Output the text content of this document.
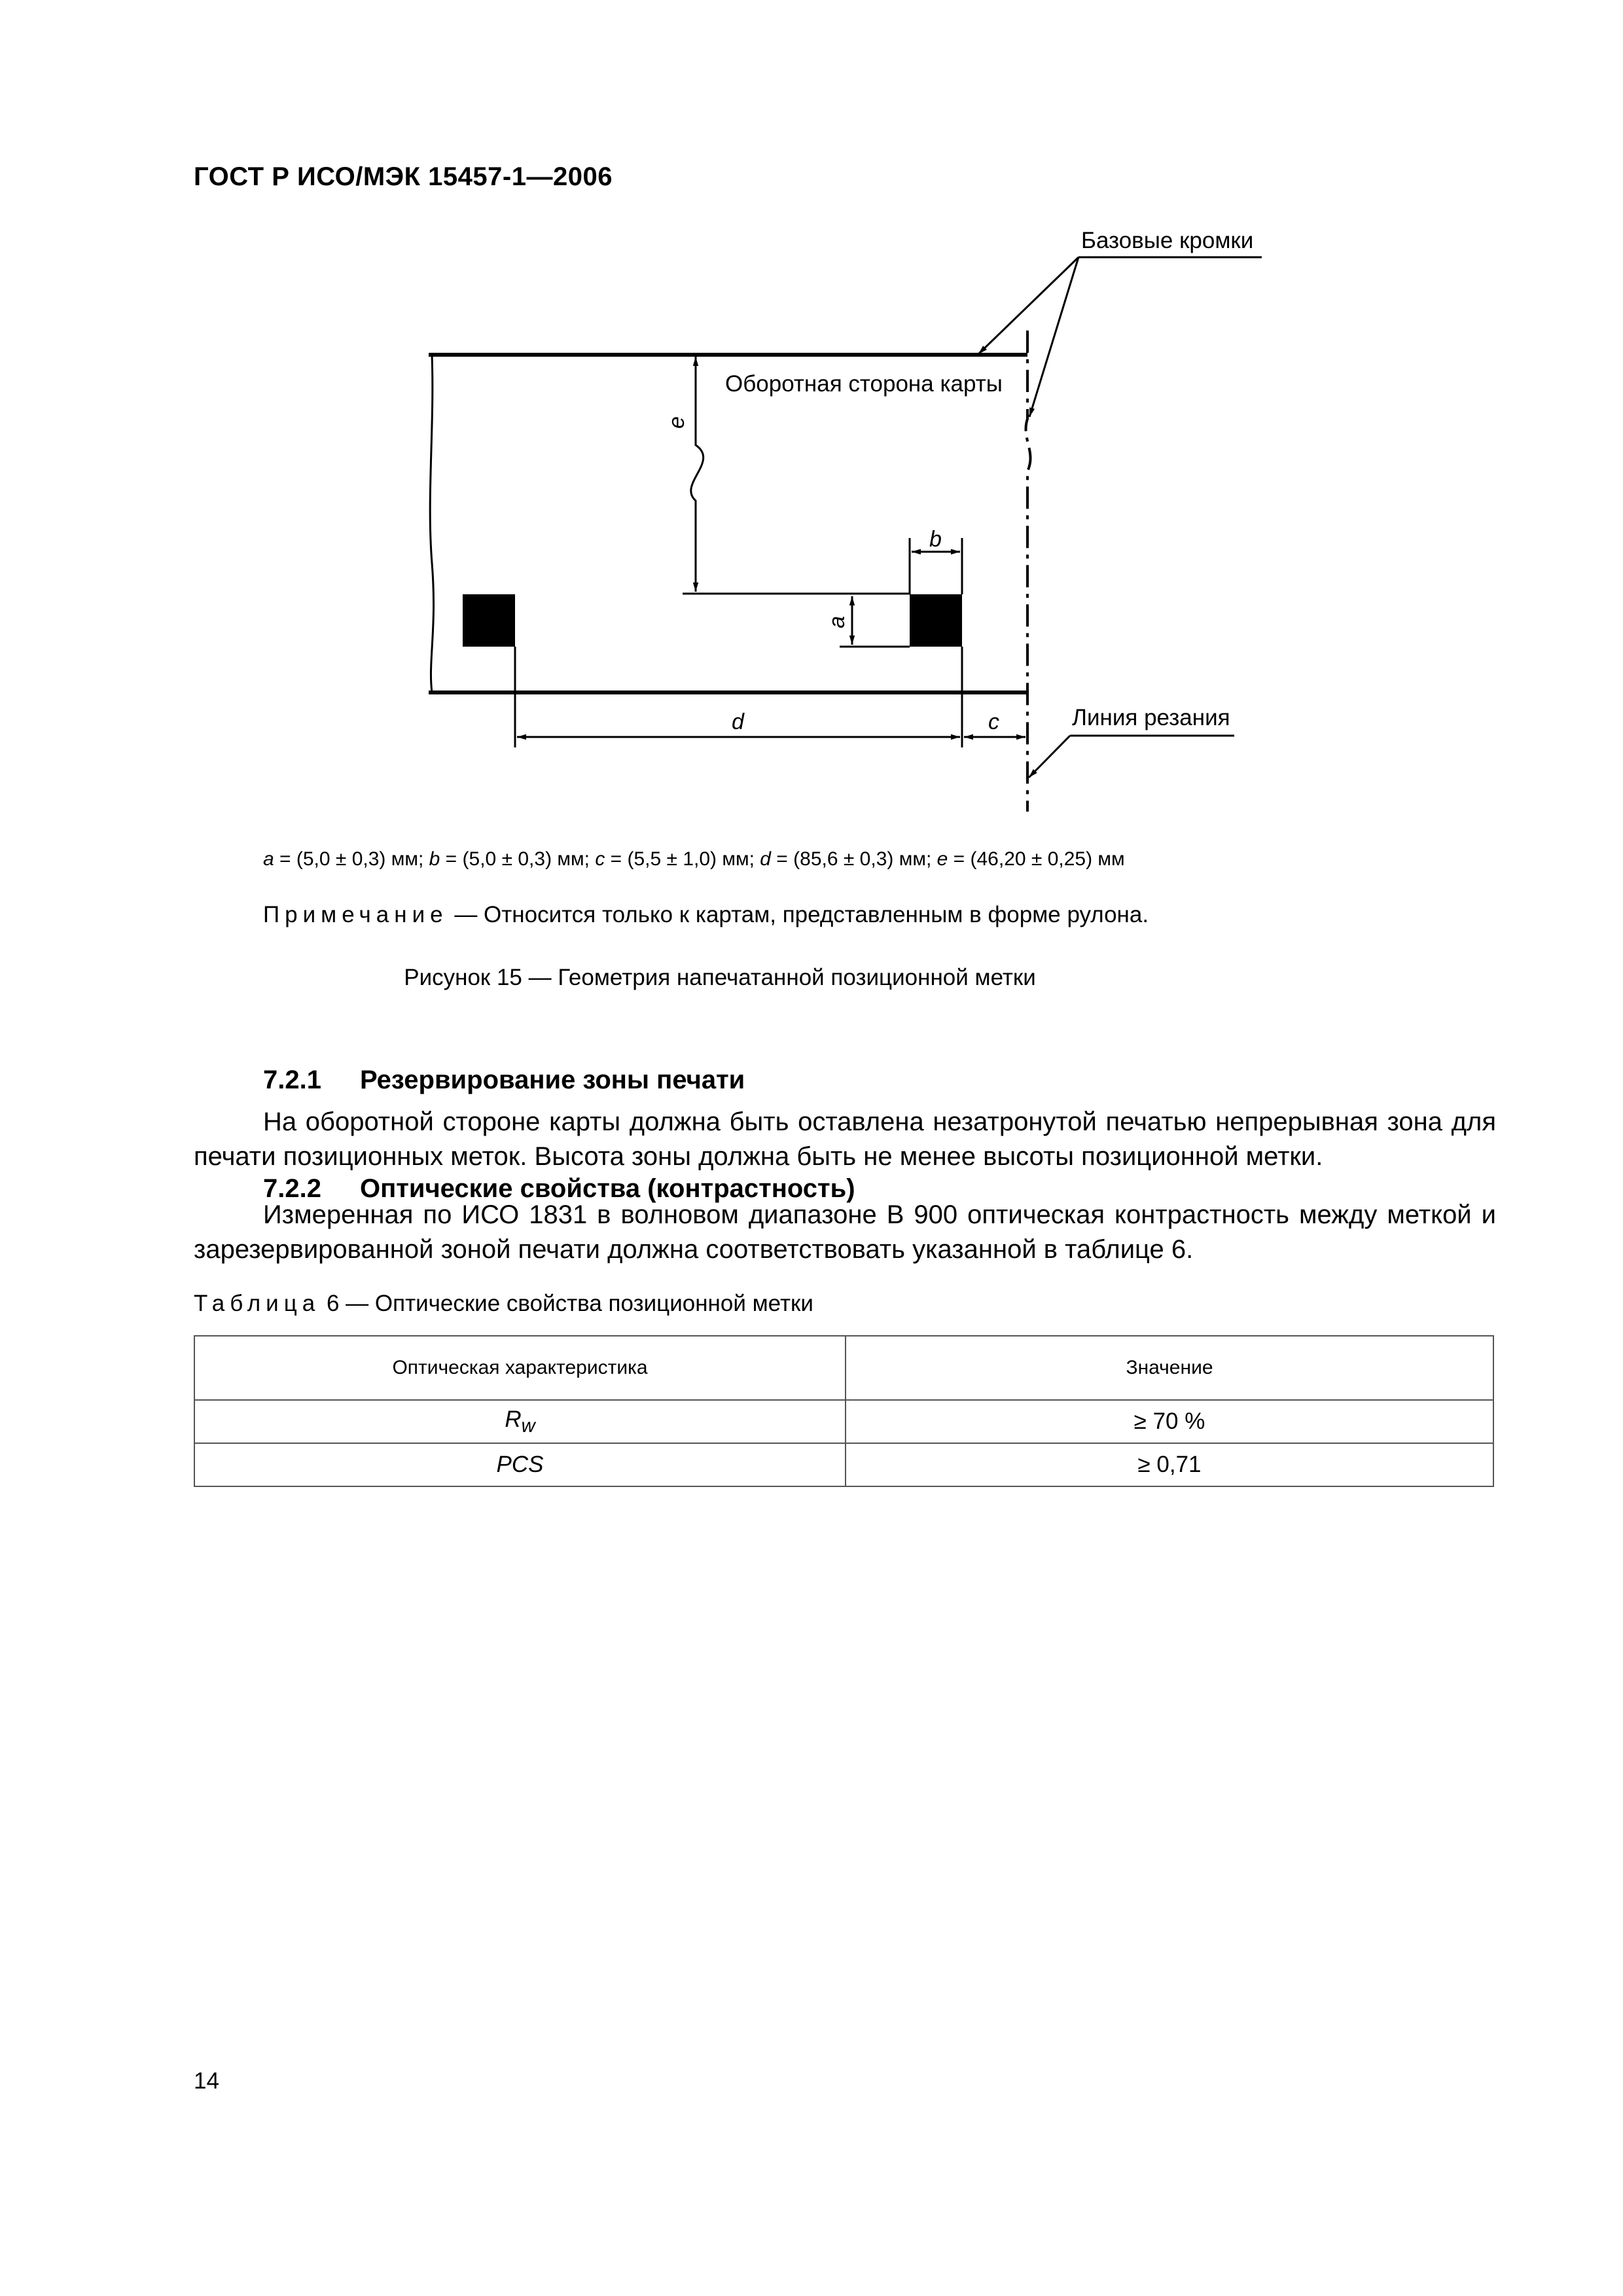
ГОСТ Р ИСО/МЭК 15457-1—2006
e
b
a
d	c
Базовые кромки
Оборотная сторона карты
Линия резания
a = (5,0 ± 0,3) мм; b = (5,0 ± 0,3) мм; c = (5,5 ± 1,0) мм; d = (85,6 ± 0,3) мм; e = (46,20 ± 0,25) мм
Примечание — Относится только к картам, представленным в форме рулона.
Рисунок 15 — Геометрия напечатанной позиционной метки
7.2.1 Резервирование зоны печати

На оборотной стороне карты должна быть оставлена незатронутой печатью непрерывная зона для печати позиционных меток. Высота зоны должна быть не менее высоты позиционной метки.

7.2.2 Оптические свойства (контрастность)

Измеренная по ИСО 1831 в волновом диапазоне B 900 оптическая контрастность между меткой и зарезервированной зоной печати должна соответствовать указанной в таблице 6.

Таблица 6 — Оптические свойства позиционной метки
Оптическая характеристика	Значение
$R_w$	≥ 70 %
PCS	≥ 0,71
14
